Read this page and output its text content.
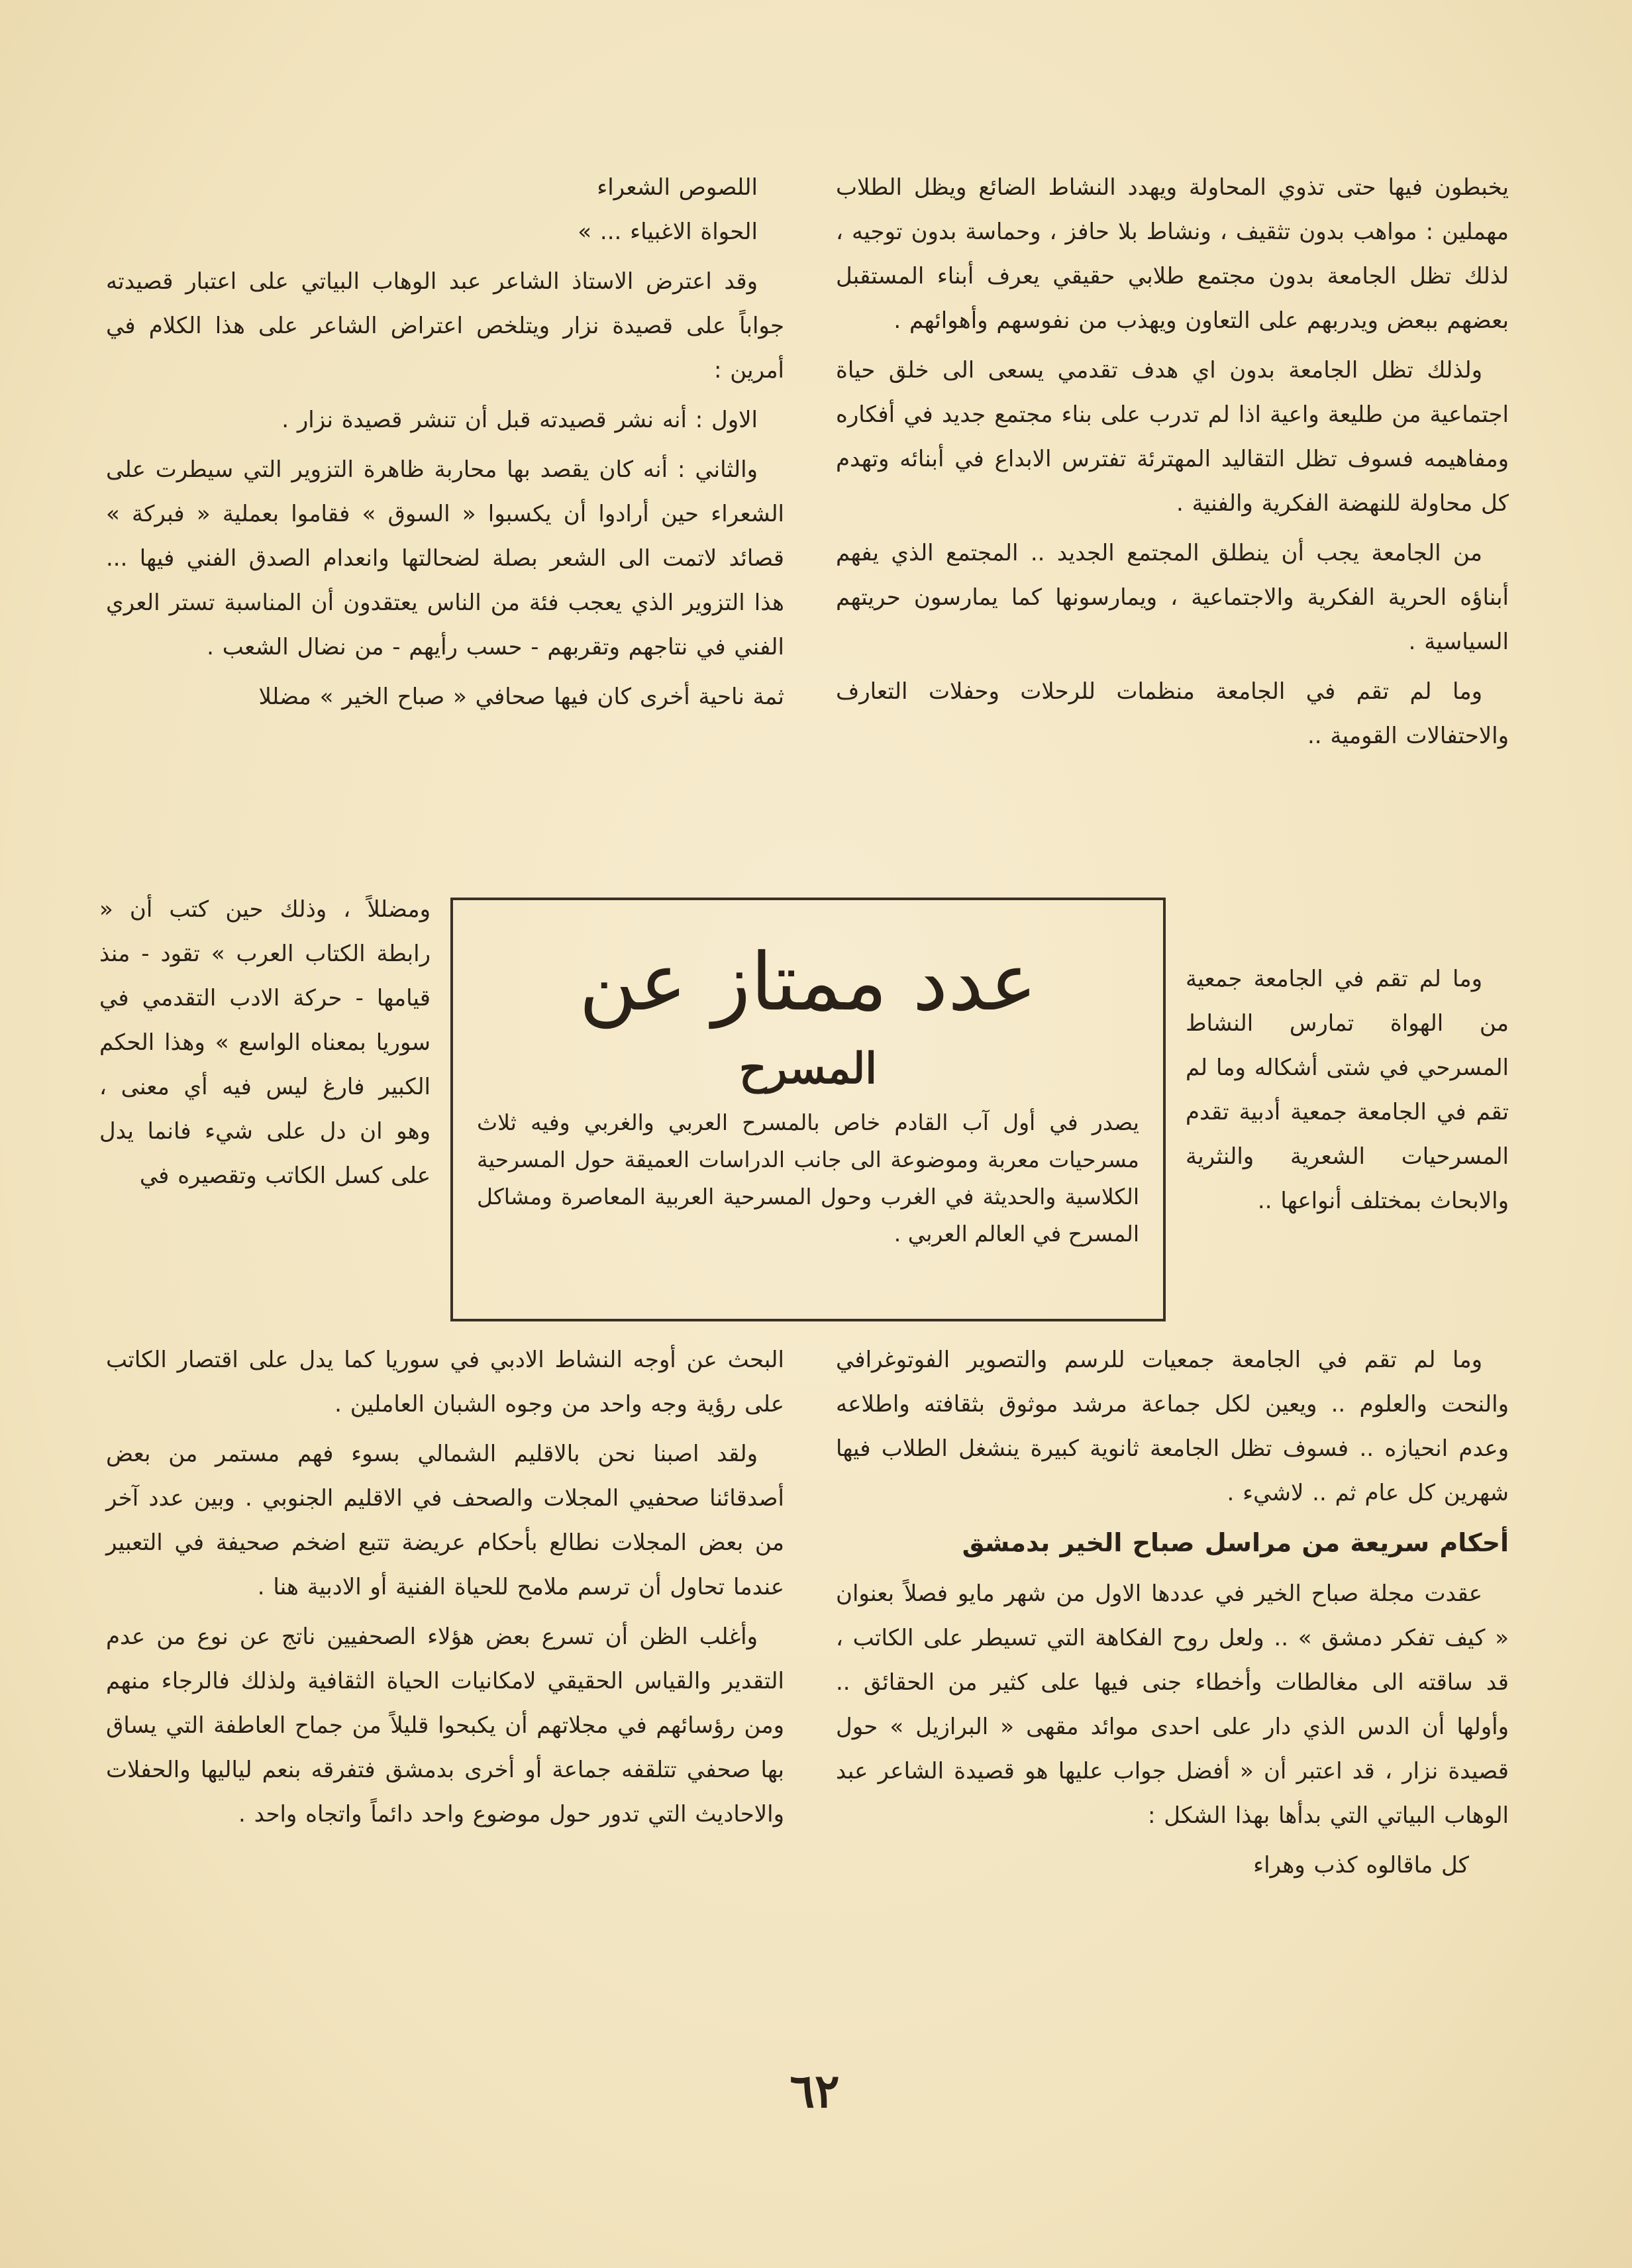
يخبطون فيها حتى تذوي المحاولة ويهدد النشاط الضائع ويظل الطلاب مهملين : مواهب بدون تثقيف ، ونشاط بلا حافز ، وحماسة بدون توجيه ، لذلك تظل الجامعة بدون مجتمع طلابي حقيقي يعرف أبناء المستقبل بعضهم ببعض ويدربهم على التعاون ويهذب من نفوسهم وأهوائهم .

ولذلك تظل الجامعة بدون اي هدف تقدمي يسعى الى خلق حياة اجتماعية من طليعة واعية اذا لم تدرب على بناء مجتمع جديد في أفكاره ومفاهيمه فسوف تظل التقاليد المهترئة تفترس الابداع في أبنائه وتهدم كل محاولة للنهضة الفكرية والفنية .

من الجامعة يجب أن ينطلق المجتمع الجديد .. المجتمع الذي يفهم أبناؤه الحرية الفكرية والاجتماعية ، ويمارسونها كما يمارسون حريتهم السياسية .

وما لم تقم في الجامعة منظمات للرحلات وحفلات التعارف والاحتفالات القومية ..

وما لم تقم في الجامعة جمعية من الهواة تمارس النشاط المسرحي في شتى أشكاله وما لم تقم في الجامعة جمعية أدبية تقدم المسرحيات الشعرية والنثرية والابحاث بمختلف أنواعها ..

وما لم تقم في الجامعة جمعيات للرسم والتصوير الفوتوغرافي والنحت والعلوم .. ويعين لكل جماعة مرشد موثوق بثقافته واطلاعه وعدم انحيازه .. فسوف تظل الجامعة ثانوية كبيرة ينشغل الطلاب فيها شهرين كل عام ثم .. لاشيء .

أحكام سريعة من مراسل صباح الخير بدمشق

عقدت مجلة صباح الخير في عددها الاول من شهر مايو فصلاً بعنوان « كيف تفكر دمشق » .. ولعل روح الفكاهة التي تسيطر على الكاتب ، قد ساقته الى مغالطات وأخطاء جنى فيها على كثير من الحقائق .. وأولها أن الدس الذي دار على احدى موائد مقهى « البرازيل » حول قصيدة نزار ، قد اعتبر أن « أفضل جواب عليها هو قصيدة الشاعر عبد الوهاب البياتي التي بدأها بهذا الشكل :

كل ماقالوه كذب وهراء

اللصوص الشعراء

الحواة الاغبياء ... »

وقد اعترض الاستاذ الشاعر عبد الوهاب البياتي على اعتبار قصيدته جواباً على قصيدة نزار ويتلخص اعتراض الشاعر على هذا الكلام في أمرين :

الاول : أنه نشر قصيدته قبل أن تنشر قصيدة نزار .

والثاني : أنه كان يقصد بها محاربة ظاهرة التزوير التي سيطرت على الشعراء حين أرادوا أن يكسبوا « السوق » فقاموا بعملية « فبركة » قصائد لاتمت الى الشعر بصلة لضحالتها وانعدام الصدق الفني فيها ... هذا التزوير الذي يعجب فئة من الناس يعتقدون أن المناسبة تستر العري الفني في نتاجهم وتقربهم - حسب رأيهم - من نضال الشعب .

ثمة ناحية أخرى كان فيها صحافي « صباح الخير » مضللا

ومضللاً ، وذلك حين كتب أن « رابطة الكتاب العرب » تقود - منذ قيامها - حركة الادب التقدمي في سوريا بمعناه الواسع » وهذا الحكم الكبير فارغ ليس فيه أي معنى ، وهو ان دل على شيء فانما يدل على كسل الكاتب وتقصيره في

البحث عن أوجه النشاط الادبي في سوريا كما يدل على اقتصار الكاتب على رؤية وجه واحد من وجوه الشبان العاملين .

ولقد اصبنا نحن بالاقليم الشمالي بسوء فهم مستمر من بعض أصدقائنا صحفيي المجلات والصحف في الاقليم الجنوبي . وبين عدد آخر من بعض المجلات نطالع بأحكام عريضة تتبع اضخم صحيفة في التعبير عندما تحاول أن ترسم ملامح للحياة الفنية أو الادبية هنا .

وأغلب الظن أن تسرع بعض هؤلاء الصحفيين ناتج عن نوع من عدم التقدير والقياس الحقيقي لامكانيات الحياة الثقافية ولذلك فالرجاء منهم ومن رؤسائهم في مجلاتهم أن يكبحوا قليلاً من جماح العاطفة التي يساق بها صحفي تتلقفه جماعة أو أخرى بدمشق فتفرقه بنعم لياليها والحفلات والاحاديث التي تدور حول موضوع واحد دائماً واتجاه واحد .

عدد ممتاز عن
المسرح
يصدر في أول آب القادم خاص بالمسرح العربي والغربي وفيه ثلاث مسرحيات معربة وموضوعة الى جانب الدراسات العميقة حول المسرحية الكلاسية والحديثة في الغرب وحول المسرحية العربية المعاصرة ومشاكل المسرح في العالم العربي .
٦٢
